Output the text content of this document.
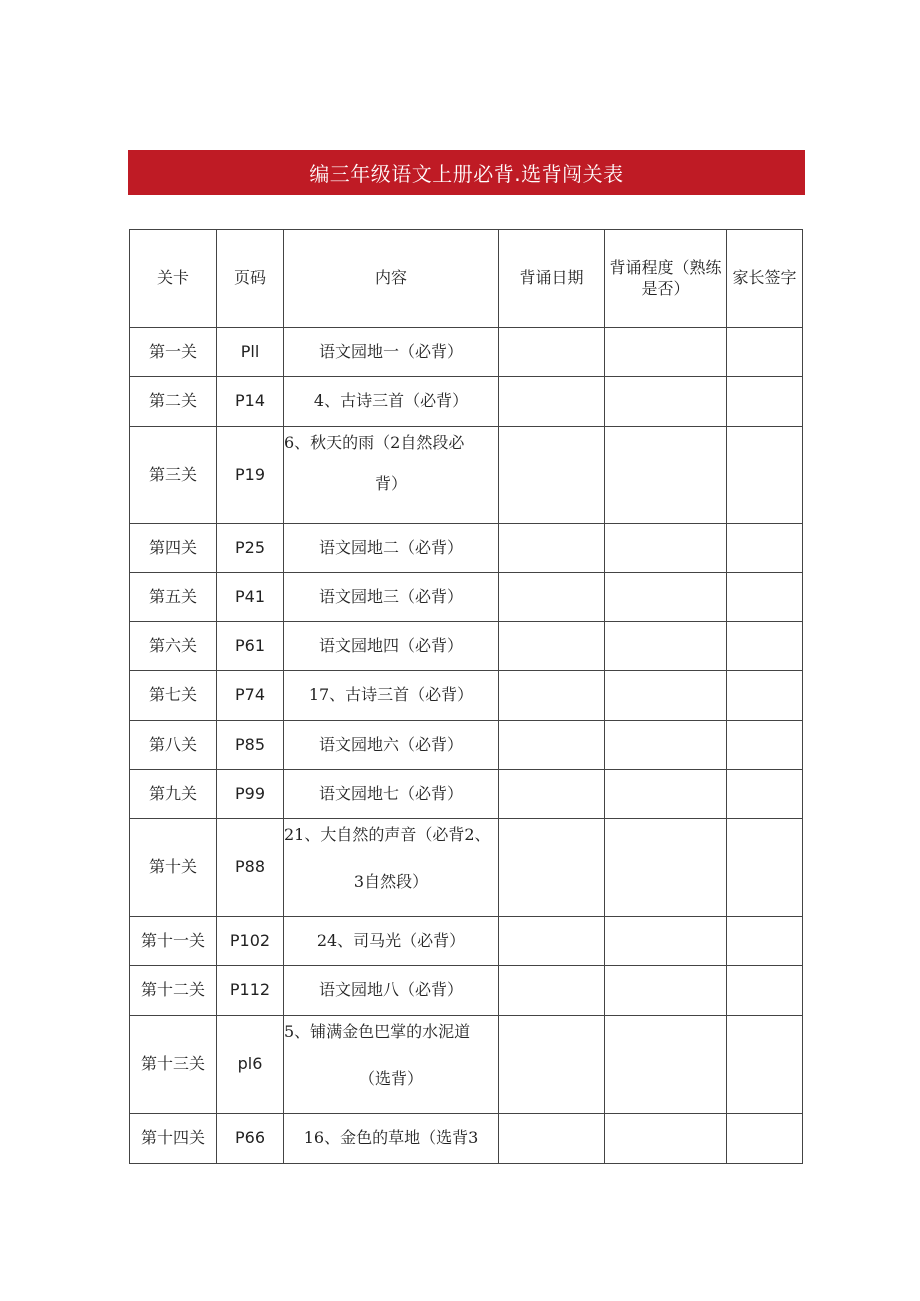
编三年级语文上册必背.选背闯关表
关卡	页码	内容	背诵日期	背诵程度（熟练是否）	家长签字

第一关	Pll	语文园地一（必背）			
第二关	P14	4、古诗三首（必背）			
第三关	P19	6、秋天的雨（2自然段必
背）			

第四关	P25	语文园地二（必背）			
第五关	P41	语文园地三（必背）			
第六关	P61	语文园地四（必背）			
第七关	P74	17、古诗三首（必背）			
第八关	P85	语文园地六（必背）			
第九关	P99	语文园地七（必背）			
第十关	P88	21、大自然的声音（必背2、
3自然段）			

第十一关	P102	24、司马光（必背）			
第十二关	P112	语文园地八（必背）			
第十三关	pl6	5、铺满金色巴掌的水泥道
（选背）			

第十四关	P66	16、金色的草地（选背3			
